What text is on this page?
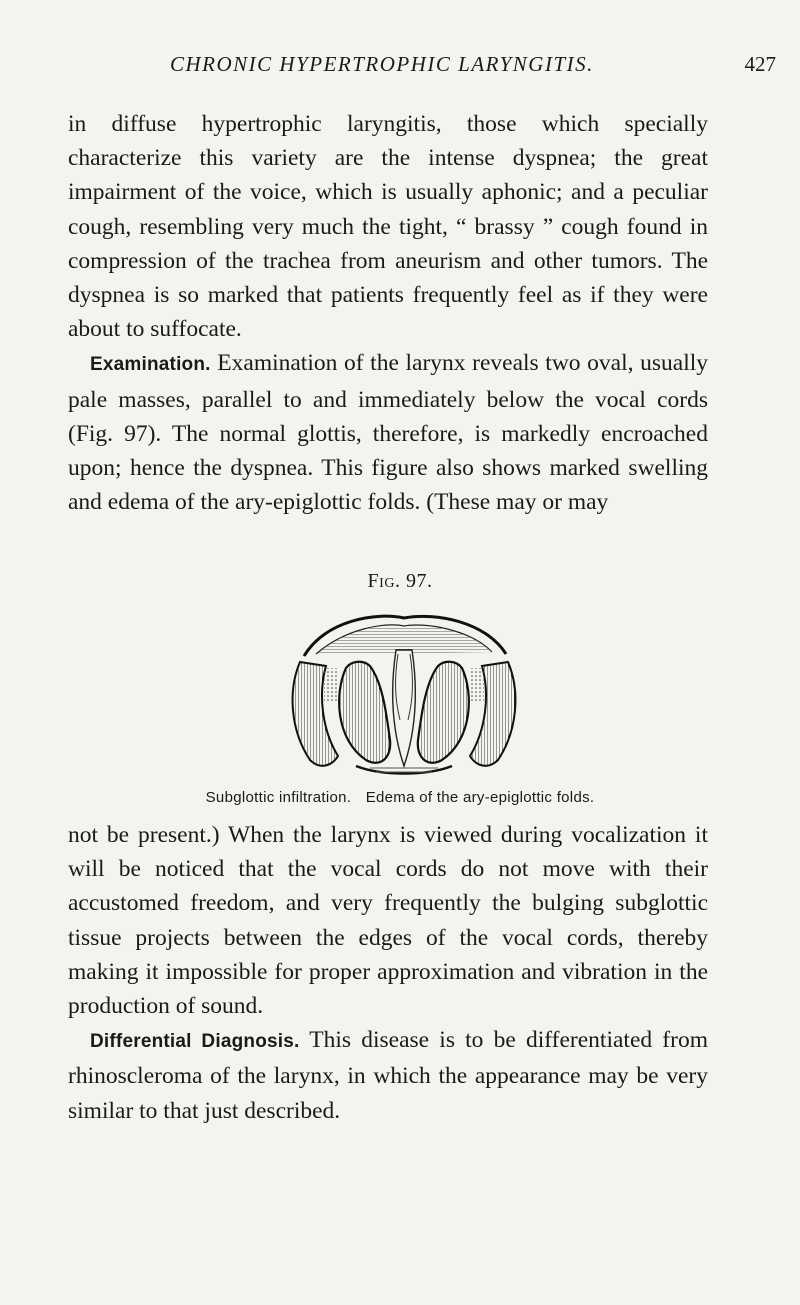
CHRONIC HYPERTROPHIC LARYNGITIS.	427

in diffuse hypertrophic laryngitis, those which specially characterize this variety are the intense dyspnea; the great impairment of the voice, which is usually aphonic; and a peculiar cough, resembling very much the tight, “ brassy ” cough found in compression of the trachea from aneurism and other tumors. The dyspnea is so marked that patients frequently feel as if they were about to suffocate.

Examination. Examination of the larynx reveals two oval, usually pale masses, parallel to and immediately below the vocal cords (Fig. 97). The normal glottis, therefore, is markedly encroached upon; hence the dyspnea. This figure also shows marked swelling and edema of the ary-epiglottic folds. (These may or may

Fig. 97.
Subglottic infiltration. Edema of the ary-epiglottic folds.

not be present.) When the larynx is viewed during vocalization it will be noticed that the vocal cords do not move with their accustomed freedom, and very frequently the bulging subglottic tissue projects between the edges of the vocal cords, thereby making it impossible for proper approximation and vibration in the production of sound.

Differential Diagnosis. This disease is to be differentiated from rhinoscleroma of the larynx, in which the appearance may be very similar to that just described.
